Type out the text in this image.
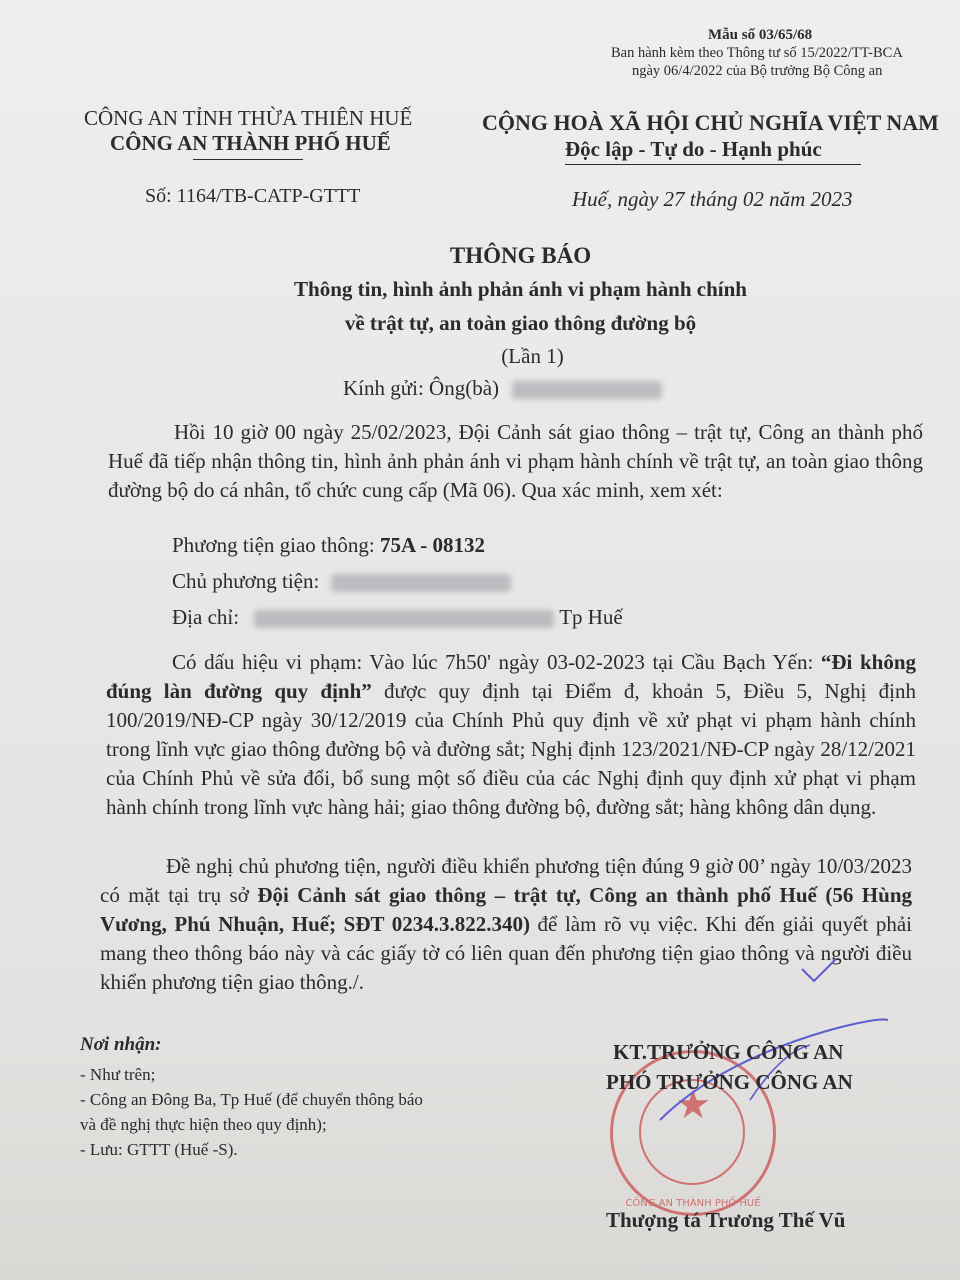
Mẫu số 03/65/68
Ban hành kèm theo Thông tư số 15/2022/TT-BCA
ngày 06/4/2022 của Bộ trưởng Bộ Công an
CÔNG AN TỈNH THỪA THIÊN HUẾ
CÔNG AN THÀNH PHỐ HUẾ
Số: 1164/TB-CATP-GTTT
CỘNG HOÀ XÃ HỘI CHỦ NGHĨA VIỆT NAM
Độc lập - Tự do - Hạnh phúc
Huế, ngày 27 tháng 02 năm 2023
THÔNG BÁO
Thông tin, hình ảnh phản ánh vi phạm hành chính
về trật tự, an toàn giao thông đường bộ
(Lần 1)
Kính gửi: Ông(bà)
Hồi 10 giờ 00 ngày 25/02/2023, Đội Cảnh sát giao thông – trật tự, Công an thành phố Huế đã tiếp nhận thông tin, hình ảnh phản ánh vi phạm hành chính về trật tự, an toàn giao thông đường bộ do cá nhân, tổ chức cung cấp (Mã 06). Qua xác minh, xem xét:
Phương tiện giao thông: 75A - 08132
Chủ phương tiện:
Địa chỉ:	Tp Huế
Có dấu hiệu vi phạm: Vào lúc 7h50' ngày 03-02-2023 tại Cầu Bạch Yến: “Đi không đúng làn đường quy định” được quy định tại Điểm đ, khoản 5, Điều 5, Nghị định 100/2019/NĐ-CP ngày 30/12/2019 của Chính Phủ quy định về xử phạt vi phạm hành chính trong lĩnh vực giao thông đường bộ và đường sắt; Nghị định 123/2021/NĐ-CP ngày 28/12/2021 của Chính Phủ về sửa đổi, bổ sung một số điều của các Nghị định quy định xử phạt vi phạm hành chính trong lĩnh vực hàng hải; giao thông đường bộ, đường sắt; hàng không dân dụng.
Đề nghị chủ phương tiện, người điều khiển phương tiện đúng 9 giờ 00’ ngày 10/03/2023 có mặt tại trụ sở Đội Cảnh sát giao thông – trật tự, Công an thành phố Huế (56 Hùng Vương, Phú Nhuận, Huế; SĐT 0234.3.822.340) để làm rõ vụ việc. Khi đến giải quyết phải mang theo thông báo này và các giấy tờ có liên quan đến phương tiện giao thông và người điều khiển phương tiện giao thông./.
Nơi nhận:
- Như trên;
- Công an Đông Ba, Tp Huế (để chuyển thông báo
và đề nghị thực hiện theo quy định);
- Lưu: GTTT (Huế -S).
★
CÔNG AN THÀNH PHỐ HUẾ
KT.TRƯỞNG CÔNG AN
PHÓ TRƯỞNG CÔNG AN
Thượng tá Trương Thế Vũ
